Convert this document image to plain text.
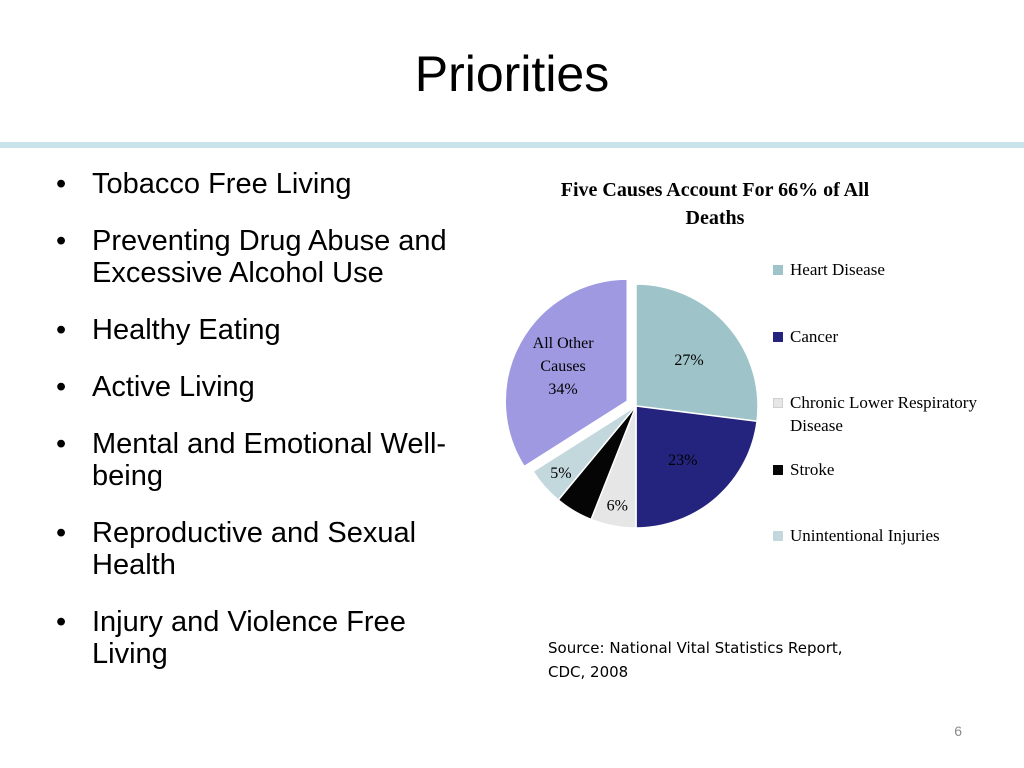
Priorities
• Tobacco Free Living
• Preventing Drug Abuse and Excessive Alcohol Use
• Healthy Eating
• Active Living
• Mental and Emotional Well-being
• Reproductive and Sexual Health
• Injury and Violence Free Living
Five Causes Account For 66% of All Deaths
27%
23%
6%
5%
All Other Causes 34%
Heart Disease
Cancer
Chronic Lower Respiratory Disease
Stroke
Unintentional Injuries
Source: National Vital Statistics Report, CDC, 2008
6
